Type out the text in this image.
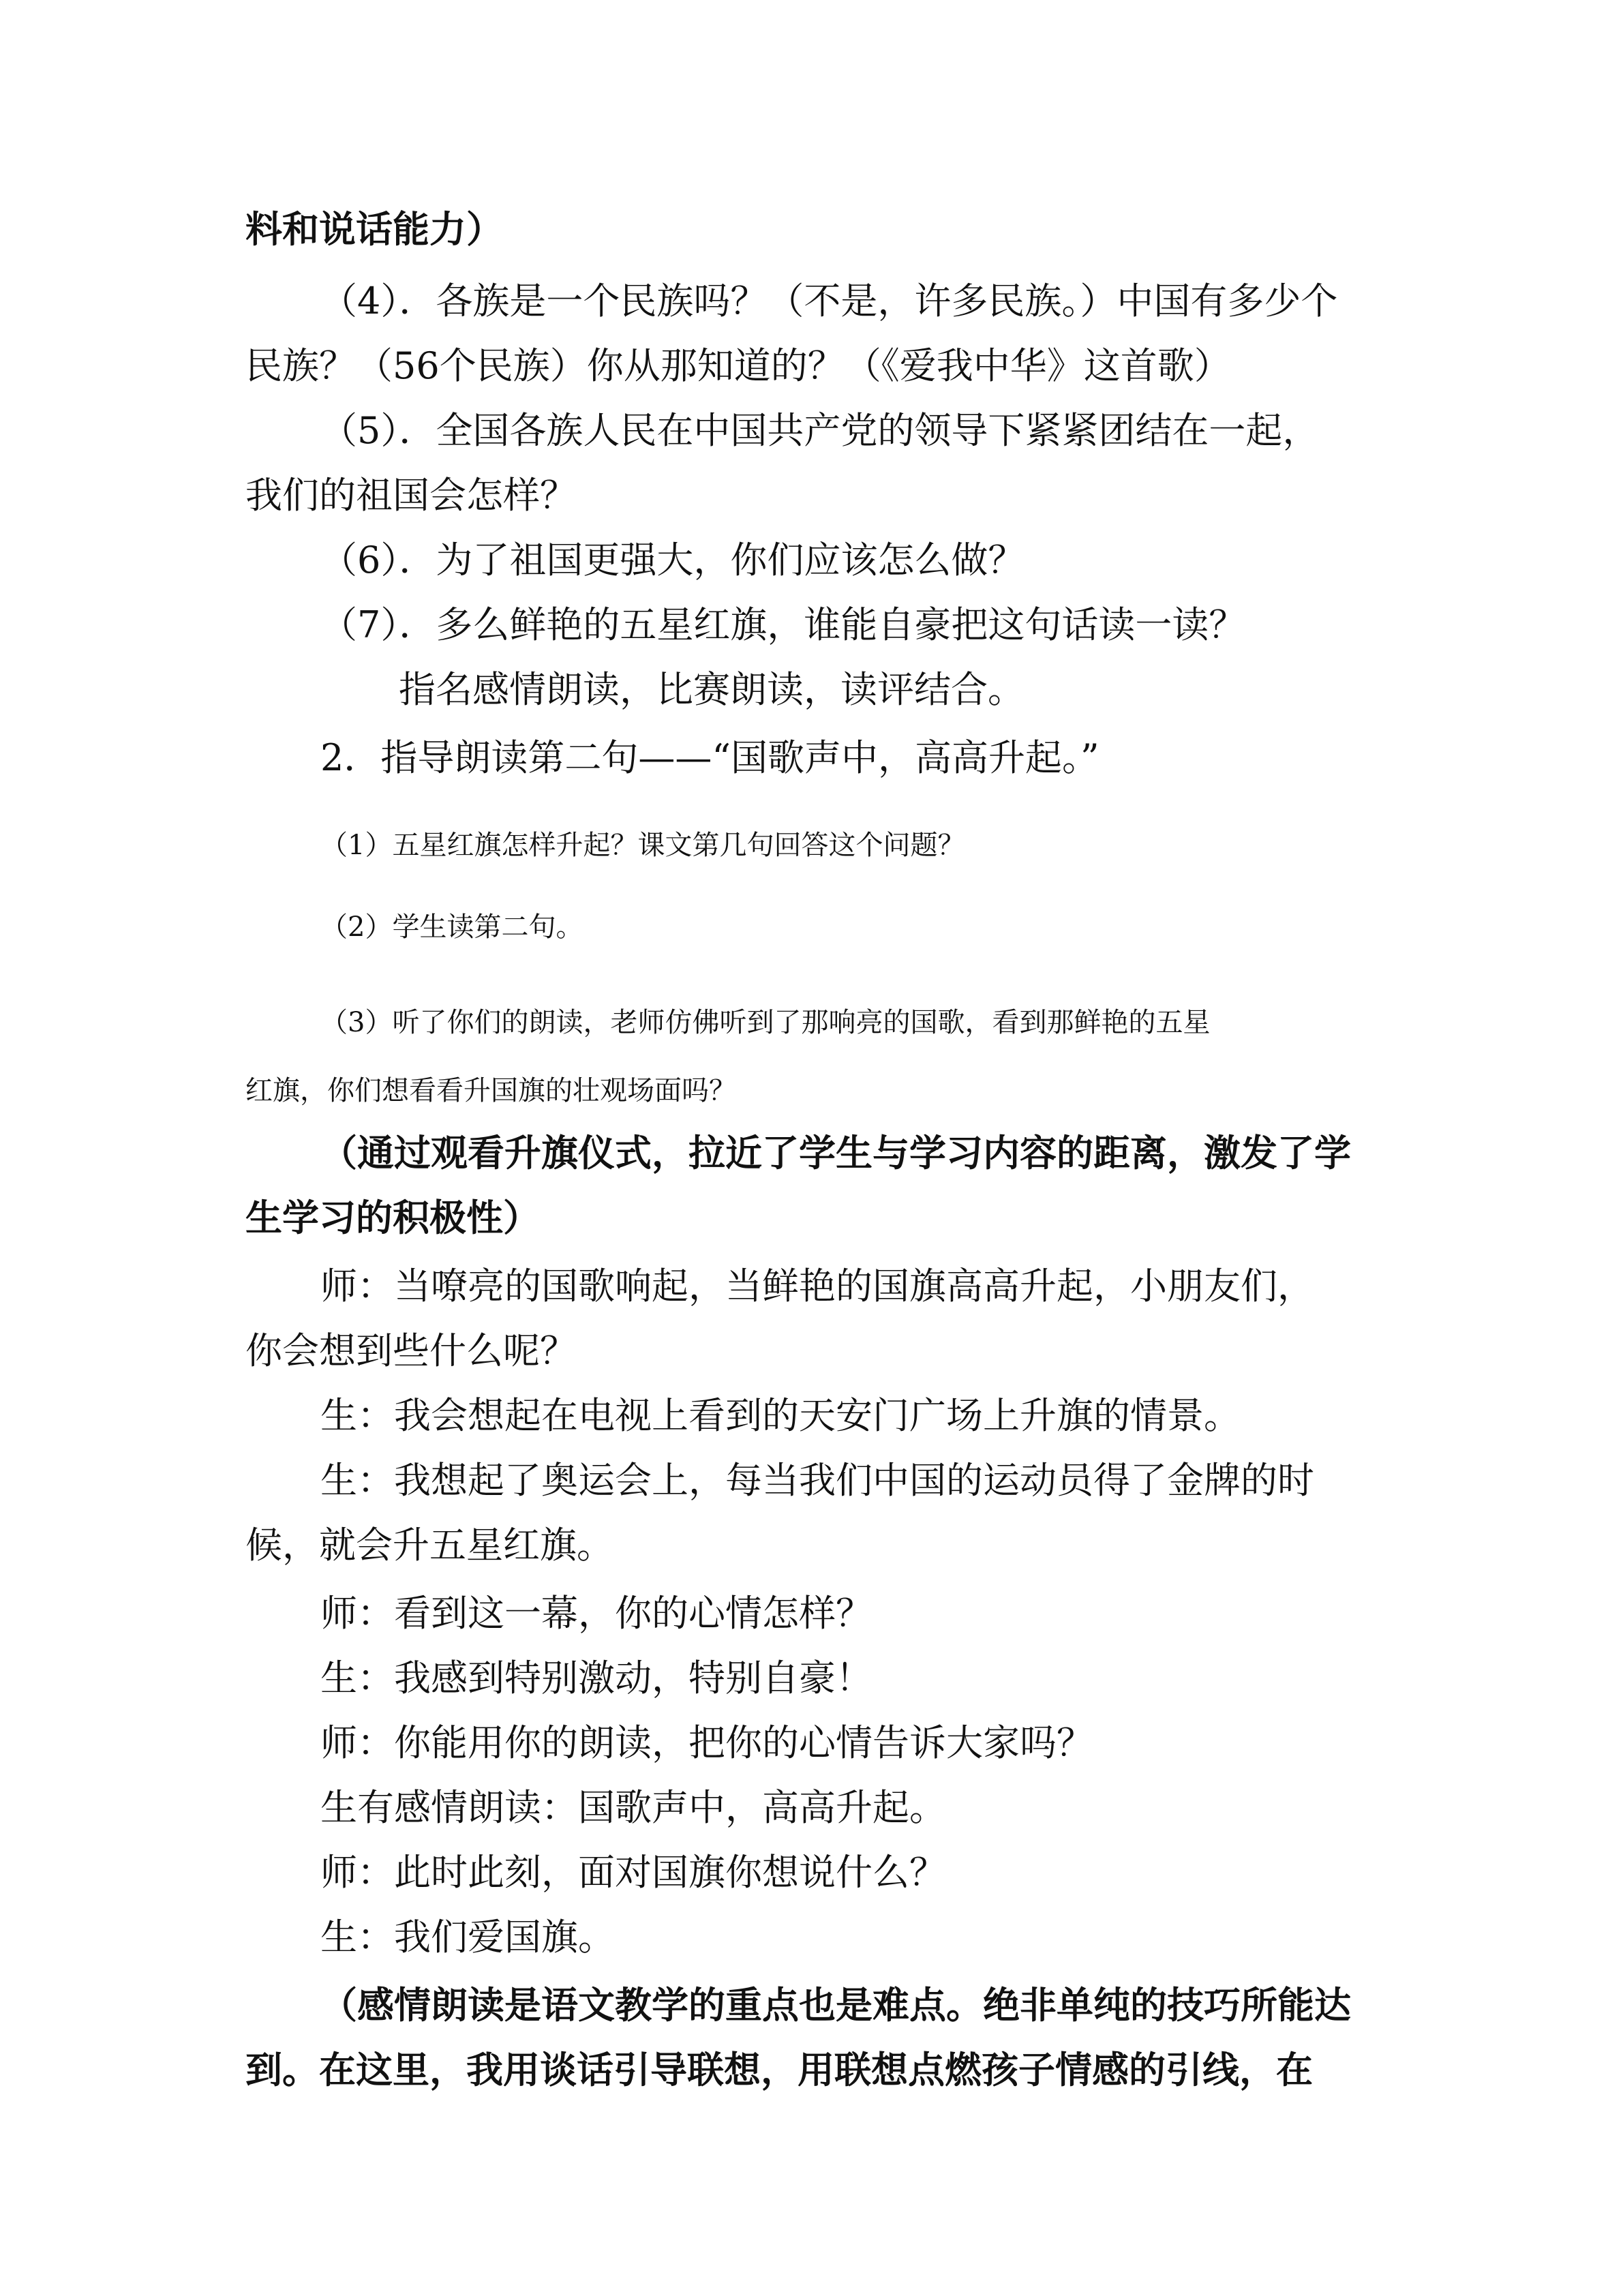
料和说话能力）
（4）．各族是一个民族吗？（不是，许多民族。）中国有多少个
民族？（56个民族）你从那知道的？（《爱我中华》这首歌）
（5）．全国各族人民在中国共产党的领导下紧紧团结在一起，
我们的祖国会怎样？
（6）．为了祖国更强大，你们应该怎么做？
（7）．多么鲜艳的五星红旗，谁能自豪把这句话读一读？
指名感情朗读，比赛朗读，读评结合。
2．指导朗读第二句——“国歌声中，高高升起。”
（1）五星红旗怎样升起？课文第几句回答这个问题？
（2）学生读第二句。
（3）听了你们的朗读，老师仿佛听到了那响亮的国歌，看到那鲜艳的五星
红旗，你们想看看升国旗的壮观场面吗？
（通过观看升旗仪式，拉近了学生与学习内容的距离，激发了学
生学习的积极性）
师：当嘹亮的国歌响起，当鲜艳的国旗高高升起，小朋友们，
你会想到些什么呢？
生：我会想起在电视上看到的天安门广场上升旗的情景。
生：我想起了奥运会上，每当我们中国的运动员得了金牌的时
候，就会升五星红旗。
师：看到这一幕，你的心情怎样？
生：我感到特别激动，特别自豪！
师：你能用你的朗读，把你的心情告诉大家吗？
生有感情朗读：国歌声中，高高升起。
师：此时此刻，面对国旗你想说什么？
生：我们爱国旗。
（感情朗读是语文教学的重点也是难点。绝非单纯的技巧所能达
到。在这里，我用谈话引导联想，用联想点燃孩子情感的引线，在
